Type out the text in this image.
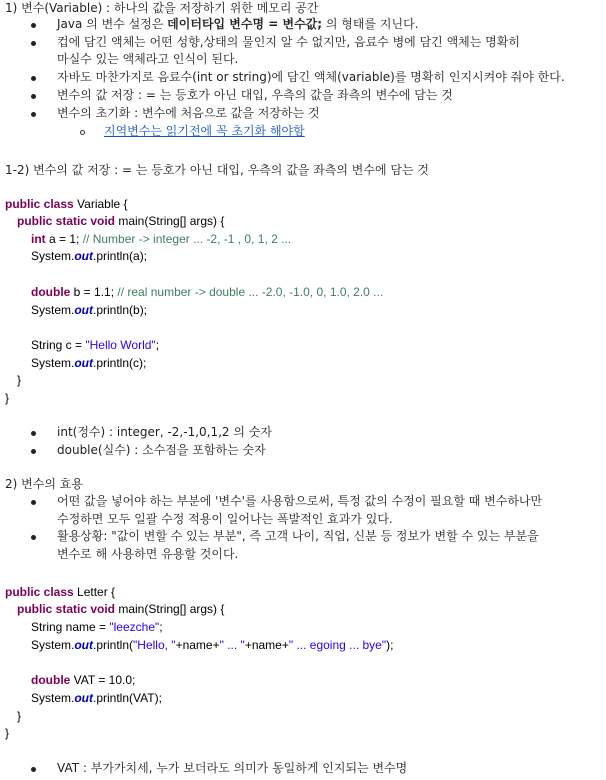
1) 변수(Variable) : 하나의 값을 저장하기 위한 메모리 공간
Java 의 변수 설정은 데이터타입 변수명 = 변수값; 의 형태를 지닌다.
컵에 담긴 액체는 어떤 성향,상태의 물인지 알 수 없지만, 음료수 병에 담긴 액체는 명확히
마실수 있는 액체라고 인식이 된다.
자바도 마찬가지로 음료수(int or string)에 담긴 액체(variable)를 명확히 인지시켜야 줘야 한다.
변수의 값 저장 : = 는 등호가 아닌 대입, 우측의 값을 좌측의 변수에 담는 것
변수의 초기화 : 변수에 처음으로 값을 저장하는 것
지역변수는 읽기전에 꼭 초기화 해야함
1-2) 변수의 값 저장 : = 는 등호가 아닌 대입, 우측의 값을 좌측의 변수에 담는 것
public class Variable {
public static void main(String[] args) {
int a = 1; // Number -> integer ... -2, -1 , 0, 1, 2 ...
System.out.println(a);
double b = 1.1; // real number -> double ... -2.0, -1.0, 0, 1.0, 2.0 ...
System.out.println(b);
String c = "Hello World";
System.out.println(c);
}
}
int(정수) : integer, -2,-1,0,1,2 의 숫자
double(실수) : 소수점을 포함하는 숫자
2) 변수의 효용
어떤 값을 넣어야 하는 부분에 '변수'를 사용함으로써, 특정 값의 수정이 필요할 때 변수하나만
수정하면 모두 일괄 수정 적용이 일어나는 폭발적인 효과가 있다.
활용상황: "값이 변할 수 있는 부분", 즉 고객 나이, 직업, 신분 등 정보가 변할 수 있는 부분을
변수로 해 사용하면 유용할 것이다.
public class Letter {
public static void main(String[] args) {
String name = "leezche";
System.out.println("Hello, "+name+" ... "+name+" ... egoing ... bye");
double VAT = 10.0;
System.out.println(VAT);
}
}
VAT : 부가가치세, 누가 보더라도 의미가 동일하게 인지되는 변수명
